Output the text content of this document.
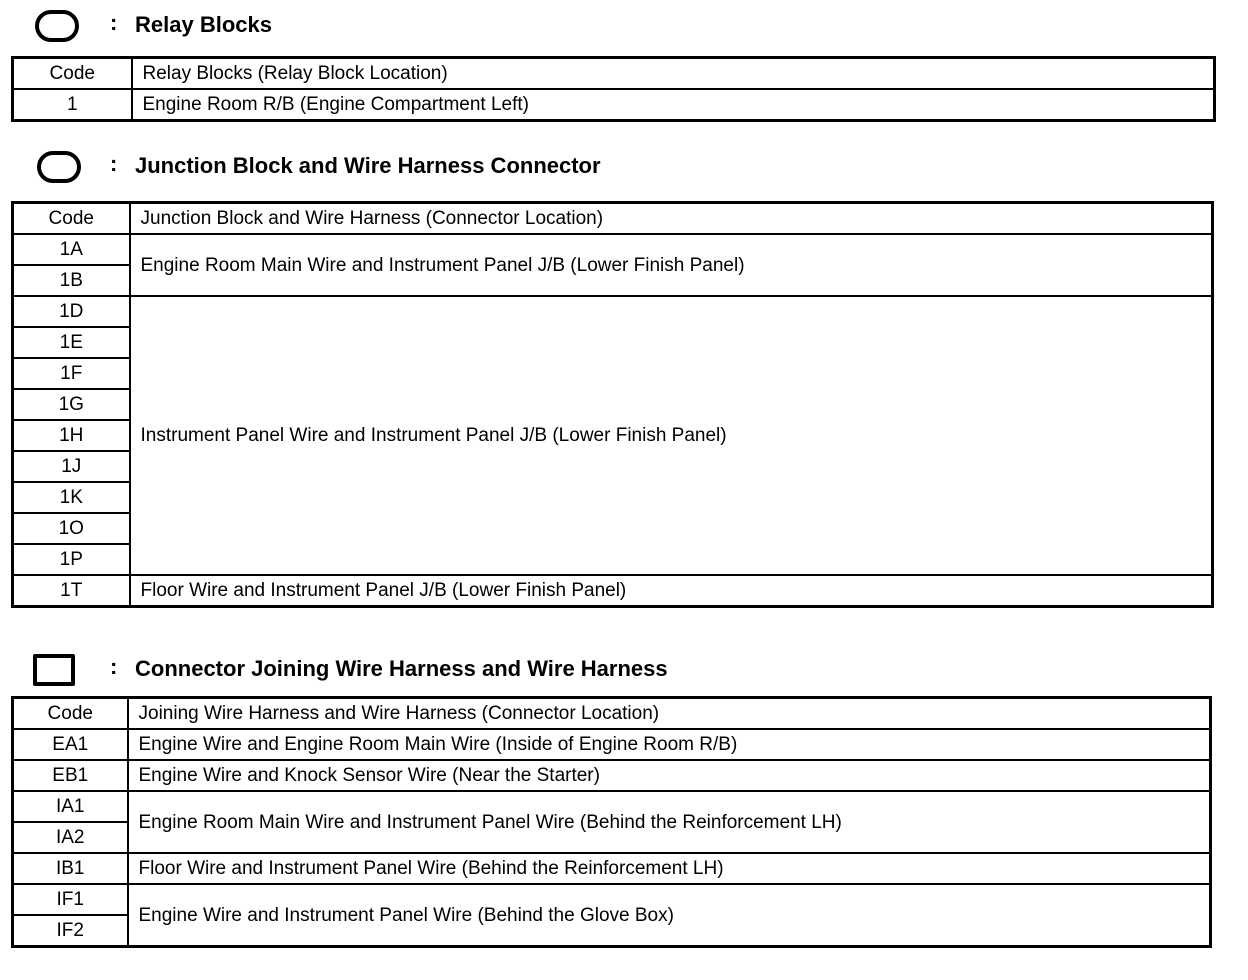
: Relay Blocks
Code	Relay Blocks (Relay Block Location)
1	Engine Room R/B (Engine Compartment Left)
: Junction Block and Wire Harness Connector
Code	Junction Block and Wire Harness (Connector Location)
1A	Engine Room Main Wire and Instrument Panel J/B (Lower Finish Panel)
1B	
1D	Instrument Panel Wire and Instrument Panel J/B (Lower Finish Panel)
1E	
1F	
1G	
1H	
1J	
1K	
1O	
1P	
1T	Floor Wire and Instrument Panel J/B (Lower Finish Panel)
: Connector Joining Wire Harness and Wire Harness
Code	Joining Wire Harness and Wire Harness (Connector Location)
EA1	Engine Wire and Engine Room Main Wire (Inside of Engine Room R/B)
EB1	Engine Wire and Knock Sensor Wire (Near the Starter)
IA1	Engine Room Main Wire and Instrument Panel Wire (Behind the Reinforcement LH)
IA2	
IB1	Floor Wire and Instrument Panel Wire (Behind the Reinforcement LH)
IF1	Engine Wire and Instrument Panel Wire (Behind the Glove Box)
IF2	
